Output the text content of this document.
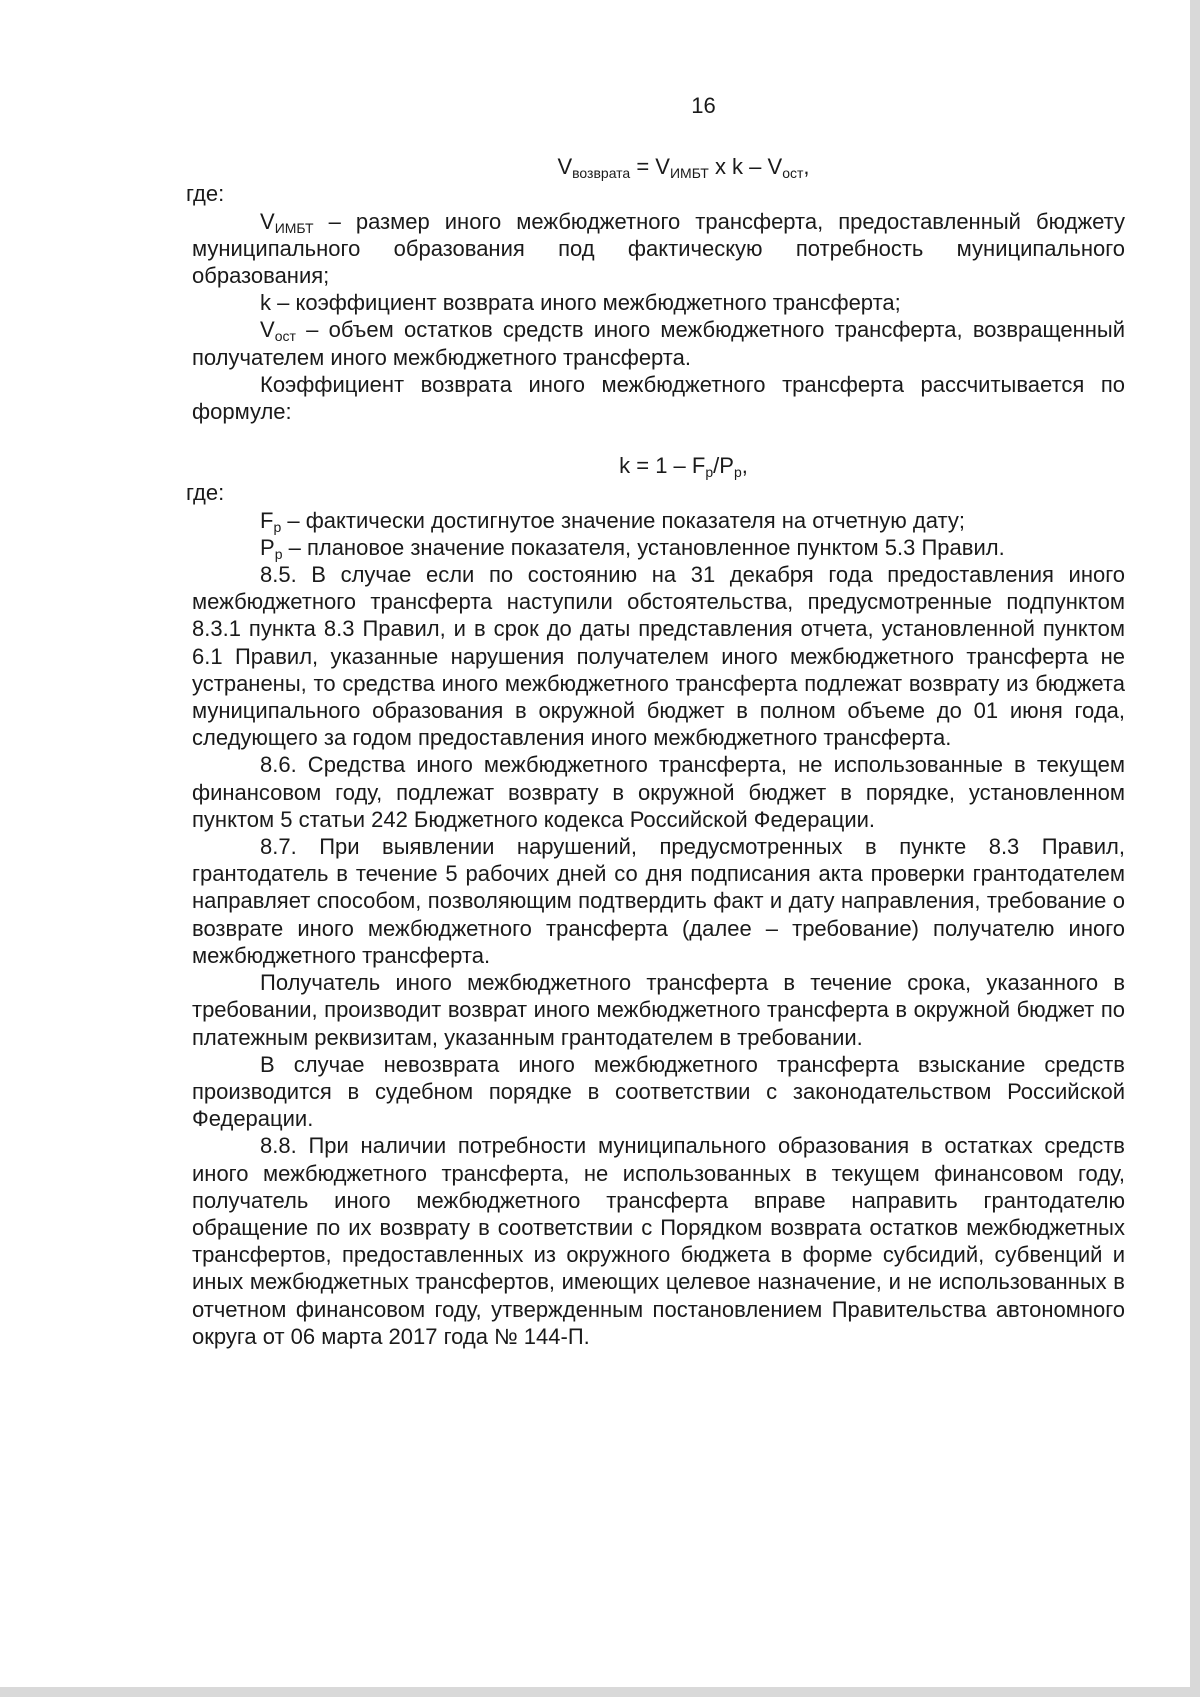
16
$V_{возврата} = V_{ИМБТ}$ x k – $V_{ост}$,

где:

$V_{ИМБТ}$ – размер иного межбюджетного трансферта, предоставленный бюджету муниципального образования под фактическую потребность муниципального образования;

k – коэффициент возврата иного межбюджетного трансферта;

$V_{ост}$ – объем остатков средств иного межбюджетного трансферта, возвращенный получателем иного межбюджетного трансферта.

Коэффициент возврата иного межбюджетного трансферта рассчитывается по формуле:

$k = 1 - F_p/P_p$,

где:

$F_p$ – фактически достигнутое значение показателя на отчетную дату;

$P_p$ – плановое значение показателя, установленное пунктом 5.3 Правил.

8.5. В случае если по состоянию на 31 декабря года предоставления иного межбюджетного трансферта наступили обстоятельства, предусмотренные подпунктом 8.3.1 пункта 8.3 Правил, и в срок до даты представления отчета, установленной пунктом 6.1 Правил, указанные нарушения получателем иного межбюджетного трансферта не устранены, то средства иного межбюджетного трансферта подлежат возврату из бюджета муниципального образования в окружной бюджет в полном объеме до 01 июня года, следующего за годом предоставления иного межбюджетного трансферта.

8.6. Средства иного межбюджетного трансферта, не использованные в текущем финансовом году, подлежат возврату в окружной бюджет в порядке, установленном пунктом 5 статьи 242 Бюджетного кодекса Российской Федерации.

8.7. При выявлении нарушений, предусмотренных в пункте 8.3 Правил, грантодатель в течение 5 рабочих дней со дня подписания акта проверки грантодателем направляет способом, позволяющим подтвердить факт и дату направления, требование о возврате иного межбюджетного трансферта (далее – требование) получателю иного межбюджетного трансферта.

Получатель иного межбюджетного трансферта в течение срока, указанного в требовании, производит возврат иного межбюджетного трансферта в окружной бюджет по платежным реквизитам, указанным грантодателем в требовании.

В случае невозврата иного межбюджетного трансферта взыскание средств производится в судебном порядке в соответствии с законодательством Российской Федерации.

8.8. При наличии потребности муниципального образования в остатках средств иного межбюджетного трансферта, не использованных в текущем финансовом году, получатель иного межбюджетного трансферта вправе направить грантодателю обращение по их возврату в соответствии с Порядком возврата остатков межбюджетных трансфертов, предоставленных из окружного бюджета в форме субсидий, субвенций и иных межбюджетных трансфертов, имеющих целевое назначение, и не использованных в отчетном финансовом году, утвержденным постановлением Правительства автономного округа от 06 марта 2017 года № 144-П.
